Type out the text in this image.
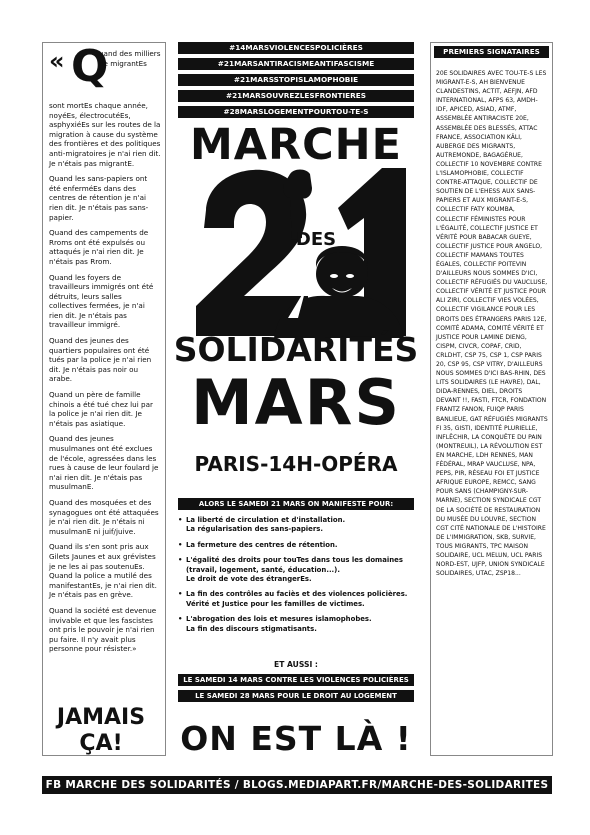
« Q
uand des milliers de migrantEs

sont mortEs chaque année, noyéEs, électrocutéEs, asphyxiéEs sur les routes de la migration à cause du système des frontières et des politiques anti-migratoires je n'ai rien dit. Je n'étais pas migrantE.

Quand les sans-papiers ont été enferméEs dans des centres de rétention je n'ai rien dit. Je n'étais pas sans-papier.

Quand des campements de Rroms ont été expulsés ou attaqués je n'ai rien dit. Je n'étais pas Rrom.

Quand les foyers de travailleurs immigrés ont été détruits, leurs salles collectives fermées, je n'ai rien dit. Je n'étais pas travailleur immigré.

Quand des jeunes des quartiers populaires ont été tués par la police je n'ai rien dit. Je n'étais pas noir ou arabe.

Quand un père de famille chinois a été tué chez lui par la police je n'ai rien dit. Je n'étais pas asiatique.

Quand des jeunes musulmanes ont été exclues de l'école, agressées dans les rues à cause de leur foulard je n'ai rien dit. Je n'étais pas musulmanE.

Quand des mosquées et des synagogues ont été attaquées je n'ai rien dit. Je n'étais ni musulmanE ni juif/juive.

Quand ils s'en sont pris aux Gilets Jaunes et aux grévistes je ne les ai pas soutenuEs. Quand la police a mutilé des manifestantEs, je n'ai rien dit. Je n'étais pas en grève.

Quand la société est devenue invivable et que les fascistes ont pris le pouvoir je n'ai rien pu faire. Il n'y avait plus personne pour résister.»

JAMAIS
ÇA!
#14MARSVIOLENCESPOLICIÈRES
#21MARSANTIRACISMEANTIFASCISME
#21MARSSTOPISLAMOPHOBIE
#21MARSOUVREZLESFRONTIERES
#28MARSLOGEMENTPOURTOU-TE-S
MARCHE
DES
SOLIDARITÉS
MARS
PARIS-14H-OPÉRA
ALORS LE SAMEDI 21 MARS ON MANIFESTE POUR:
• La liberté de circulation et d'installation.
La régularisation des sans-papiers.
• La fermeture des centres de rétention.
• L'égalité des droits pour touTes dans tous les domaines (travail, logement, santé, éducation...).
Le droit de vote des étrangerEs.
• La fin des contrôles au faciès et des violences policières.
Vérité et Justice pour les familles de victimes.
• L'abrogation des lois et mesures islamophobes.
La fin des discours stigmatisants.
ET AUSSI :
LE SAMEDI 14 MARS CONTRE LES VIOLENCES POLICIÈRES
LE SAMEDI 28 MARS POUR LE DROIT AU LOGEMENT
ON EST LÀ !
PREMIERS SIGNATAIRES
20E SOLIDAIRES AVEC TOU-TE-S LES MIGRANT-E-S, AH BIENVENUE CLANDESTINS, ACTIT, AEFJN, AFD INTERNATIONAL, AFPS 63, AMDH-IDF, APICED, ASIAD, ATMF, ASSEMBLÉE ANTIRACISTE 20E, ASSEMBLÉE DES BLESSÉS, ATTAC FRANCE, ASSOCIATION KÂLI, AUBERGE DES MIGRANTS, AUTREMONDE, BAGAGÉRUE, COLLECTIF 10 NOVEMBRE CONTRE L'ISLAMOPHOBIE, COLLECTIF CONTRE-ATTAQUE, COLLECTIF DE SOUTIEN DE L'EHESS AUX SANS-PAPIERS ET AUX MIGRANT-E-S, COLLECTIF FATY KOUMBA, COLLECTIF FÉMINISTES POUR L'ÉGALITÉ, COLLECTIF JUSTICE ET VÉRITÉ POUR BABACAR GUEYE, COLLECTIF JUSTICE POUR ANGELO, COLLECTIF MAMANS TOUTES ÉGALES, COLLECTIF POITEVIN D'AILLEURS NOUS SOMMES D'ICI, COLLECTIF RÉFUGIÉS DU VAUCLUSE, COLLECTIF VÉRITÉ ET JUSTICE POUR ALI ZIRI, COLLECTIF VIES VOLÉES, COLLECTIF VIGILANCE POUR LES DROITS DES ÉTRANGERS PARIS 12E, COMITÉ ADAMA, COMITÉ VÉRITÉ ET JUSTICE POUR LAMINE DIENG, CISPM, CIVCR, COPAF, CRID, CRLDHT, CSP 75, CSP 1, CSP PARIS 20, CSP 95, CSP VITRY, D'AILLEURS NOUS SOMMES D'ICI BAS-RHIN, DES LITS SOLIDAIRES (LE HAVRE), DAL, DIDA-RENNES, DIEL, DROITS DEVANT !!, FASTI, FTCR, FONDATION FRANTZ FANON, FUIQP PARIS BANLIEUE, GAT RÉFUGIÉS MIGRANTS FI 35, GISTI, IDENTITÉ PLURIELLE, INFLÊCHIR, LA CONQUÊTE DU PAIN (MONTREUIL), LA RÉVOLUTION EST EN MARCHE, LDH RENNES, MAN FÉDÉRAL, MRAP VAUCLUSE, NPA, PEPS, PIR, RÉSEAU FOI ET JUSTICE AFRIQUE EUROPE, REMCC, SANG POUR SANS (CHAMPIGNY-SUR-MARNE), SECTION SYNDICALE CGT DE LA SOCIÉTÉ DE RESTAURATION DU MUSÉE DU LOUVRE, SECTION CGT CITÉ NATIONALE DE L'HISTOIRE DE L'IMMIGRATION, SKB, SURVIE, TOUS MIGRANTS, TPC MAISON SOLIDAIRE, UCL MELUN, UCL PARIS NORD-EST, UJFP, UNION SYNDICALE SOLIDAIRES, UTAC, ZSP18...
FB MARCHE DES SOLIDARITÉS / BLOGS.MEDIAPART.FR/MARCHE-DES-SOLIDARITES
